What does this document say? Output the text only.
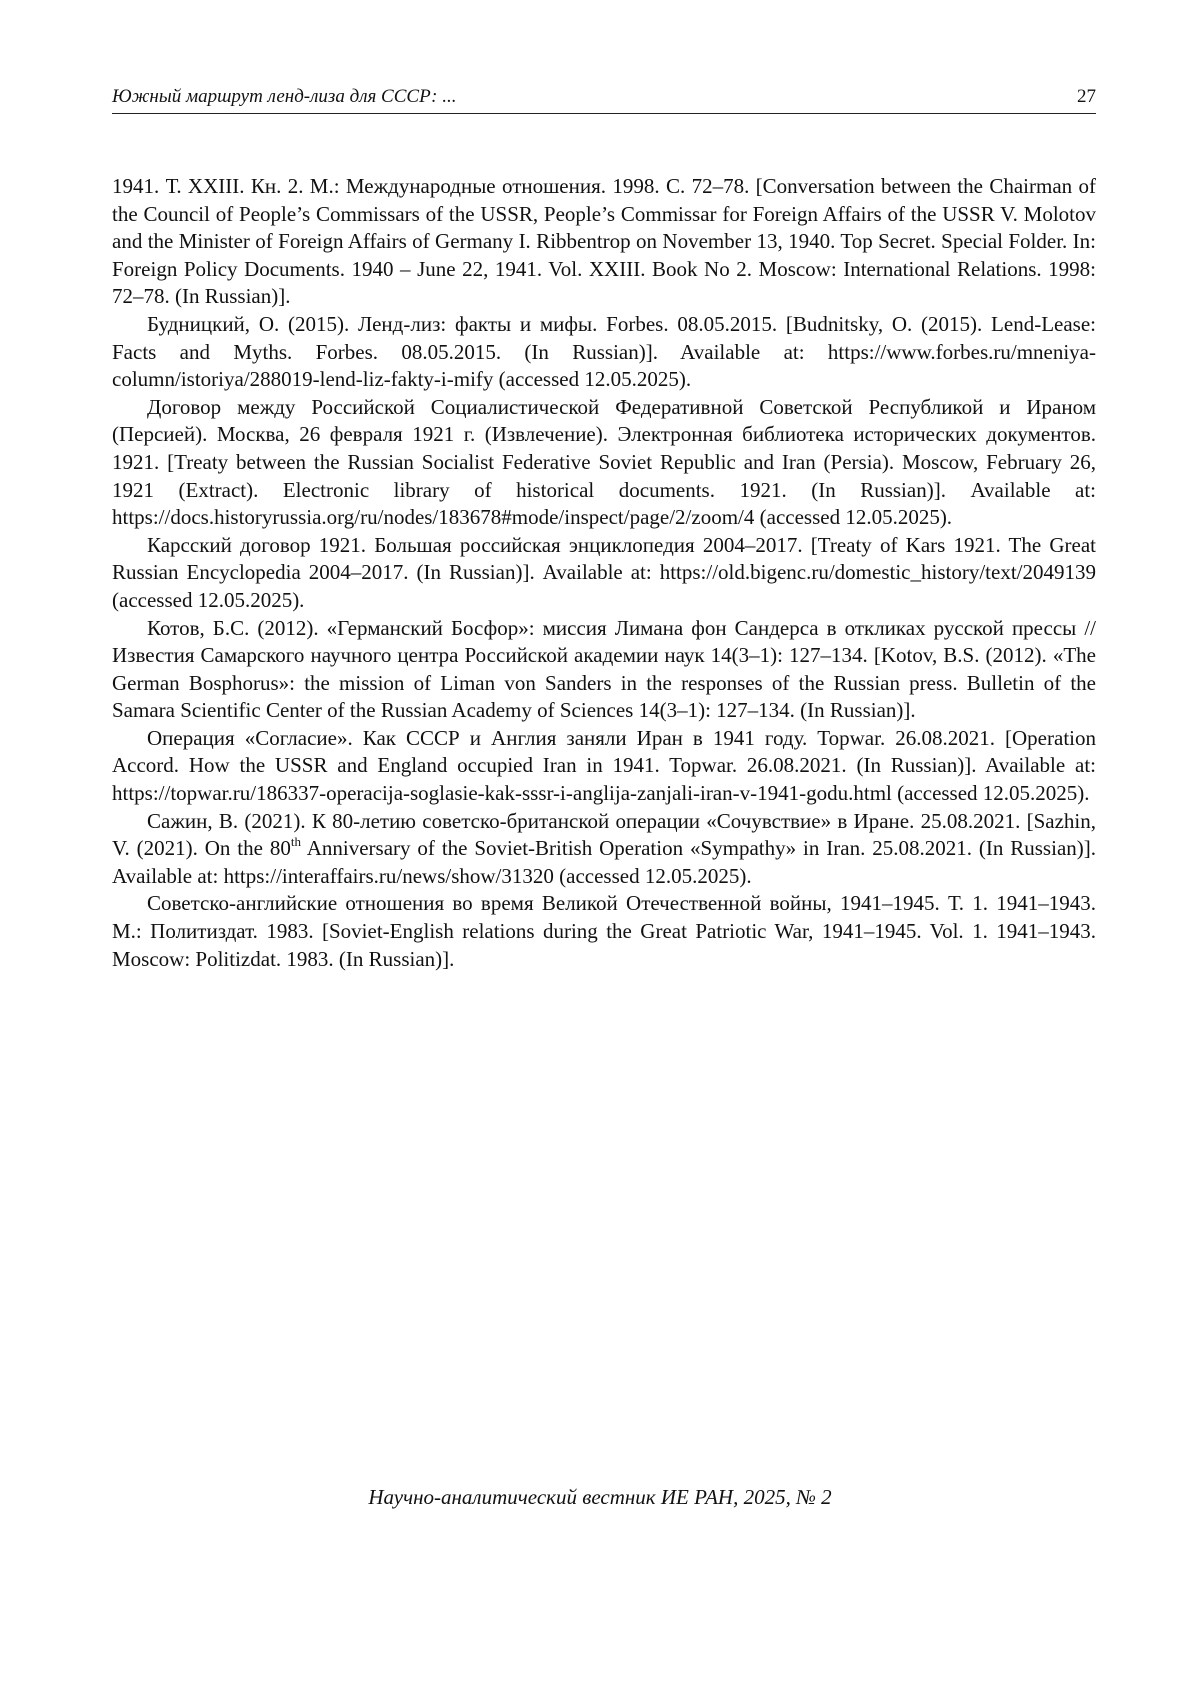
Южный маршрут ленд-лиза для СССР: ...	27

1941. Т. XXIII. Кн. 2. М.: Международные отношения. 1998. С. 72–78. [Conversation between the Chairman of the Council of People’s Commissars of the USSR, People’s Commissar for Foreign Affairs of the USSR V. Molotov and the Minister of Foreign Affairs of Germany I. Ribbentrop on November 13, 1940. Top Secret. Special Folder. In: Foreign Policy Documents. 1940 – June 22, 1941. Vol. XXIII. Book No 2. Moscow: International Relations. 1998: 72–78. (In Russian)].

Будницкий, О. (2015). Ленд-лиз: факты и мифы. Forbes. 08.05.2015. [Budnitsky, O. (2015). Lend-Lease: Facts and Myths. Forbes. 08.05.2015. (In Russian)]. Available at: https://www.​forbes.ru/mneniya-column/istoriya/288019-lend-liz-fakty-i-mify (accessed 12.05.2025).

Договор между Российской Социалистической Федеративной Советской Республикой и Ираном (Персией). Москва, 26 февраля 1921 г. (Извлечение). Электронная библиотека исторических документов. 1921. [Treaty between the Russian Socialist Federative Soviet Republic and Iran (Persia). Moscow, February 26, 1921 (Extract). Electronic library of historical documents. 1921. (In Russian)]. Available at: https://docs.historyrussia.org/ru/nodes/183678#mode/inspect/page/2/​zoom/4 (accessed 12.05.2025).

Карсский договор 1921. Большая российская энциклопедия 2004–2017. [Treaty of Kars 1921. The Great Russian Encyclopedia 2004–2017. (In Russian)]. Available at: https://old.bigenc.ru/domestic_history/text/2049139 (accessed 12.05.2025).

Котов, Б.С. (2012). «Германский Босфор»: миссия Лимана фон Сандерса в откликах русской прессы // Известия Самарского научного центра Российской академии наук 14(3–1): 127–134. [Kotov, B.S. (2012). «The German Bosphorus»: the mission of Liman von Sanders in the responses of the Russian press. Bulletin of the Samara Scientific Center of the Russian Academy of Sciences 14(3–1): 127–134. (In Russian)].

Операция «Согласие». Как СССР и Англия заняли Иран в 1941 году. Topwar. 26.08.2021. [Operation Accord. How the USSR and England occupied Iran in 1941. Topwar. 26.08.2021. (In Russian)]. Available at: https://topwar.ru/186337-operacija-soglasie-kak-sssr-i-anglija-zanjali-iran-​v-1941-godu.html (accessed 12.05.2025).

Сажин, В. (2021). К 80-летию советско-британской операции «Сочувствие» в Иране. 25.08.2021. [Sazhin, V. (2021). On the 80th Anniversary of the Soviet-British Operation «Sympathy» in Iran. 25.08.2021. (In Russian)]. Available at: https://interaffairs.ru/news/show/31320 (accessed 12.05.2025).

Советско-английские отношения во время Великой Отечественной войны, 1941–1945. Т. 1. 1941–1943. М.: Политиздат. 1983. [Soviet-English relations during the Great Patriotic War, 1941–1945. Vol. 1. 1941–1943. Moscow: Politizdat. 1983. (In Russian)].

Научно-аналитический вестник ИЕ РАН, 2025, № 2
